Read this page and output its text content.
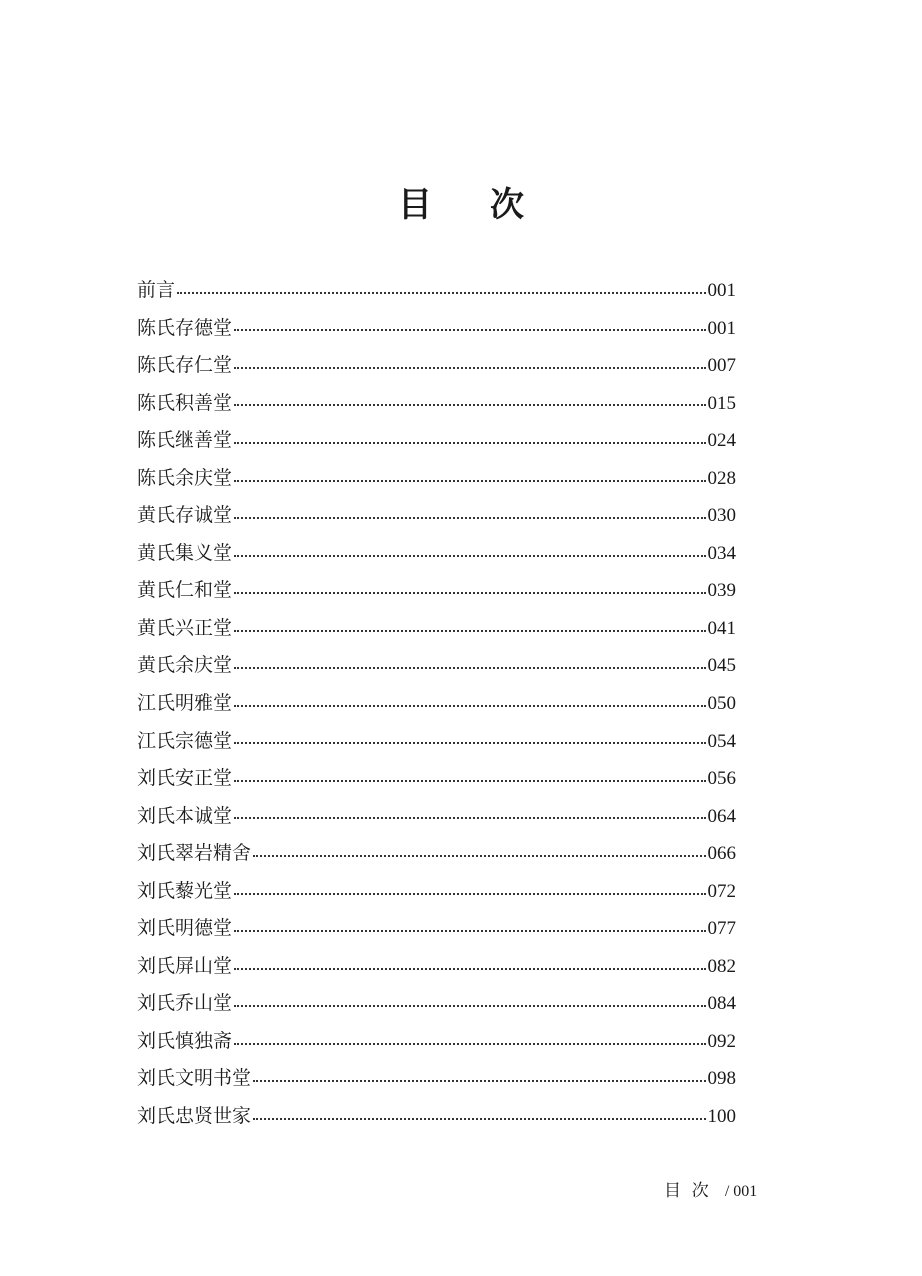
目 次
前言	001
陈氏存德堂	001
陈氏存仁堂	007
陈氏积善堂	015
陈氏继善堂	024
陈氏余庆堂	028
黄氏存诚堂	030
黄氏集义堂	034
黄氏仁和堂	039
黄氏兴正堂	041
黄氏余庆堂	045
江氏明雅堂	050
江氏宗德堂	054
刘氏安正堂	056
刘氏本诚堂	064
刘氏翠岩精舍	066
刘氏藜光堂	072
刘氏明德堂	077
刘氏屏山堂	082
刘氏乔山堂	084
刘氏慎独斋	092
刘氏文明书堂	098
刘氏忠贤世家	100
目  次 / 001
